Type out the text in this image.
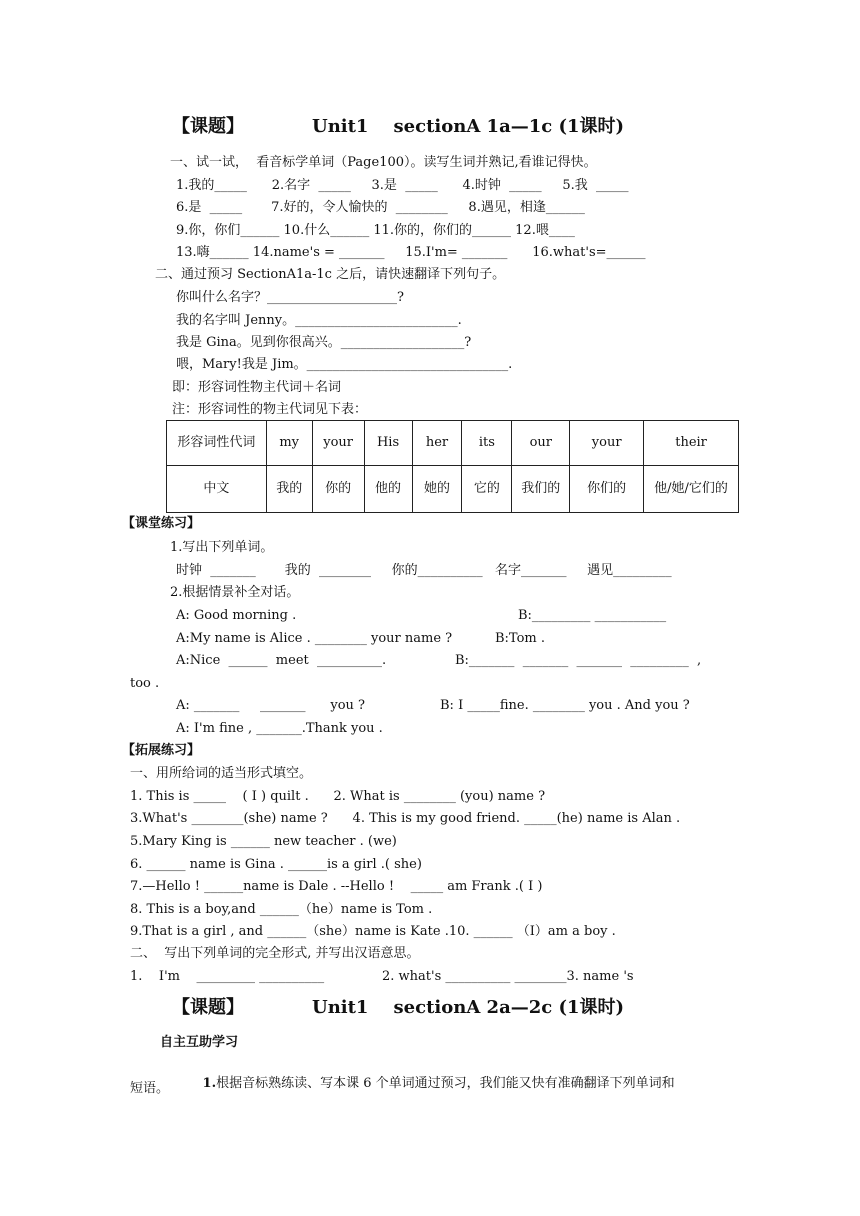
【课题】

	Unit1    sectionA 1a—1c (1课时)

一、试一试，  看音标学单词（Page100）。读写生词并熟记,看谁记得快。
1.我的_____      2.名字  _____     3.是  _____      4.时钟  _____     5.我  _____
6.是  _____       7.好的，令人愉快的  ________     8.遇见，相逢______
9.你，你们______ 10.什么______ 11.你的，你们的______ 12.喂____
13.嗨______ 14.name's = _______     15.I'm= _______      16.what's=______
二、通过预习 SectionA1a-1c 之后，请快速翻译下列句子。
你叫什么名字？____________________?
我的名字叫 Jenny。_________________________.
我是 Gina。见到你很高兴。___________________?
喂，Mary!我是 Jim。_______________________________.
即：形容词性物主代词＋名词
注：形容词性的物主代词见下表：
形容词性代词	my	your	His	her	its	our	your	their
中文	我的	你的	他的	她的	它的	我们的	你们的	他/她/它们的
【课堂练习】
1.写出下列单词。
时钟  _______       我的  ________     你的__________   名字_______     遇见_________
2.根据情景补全对话。
A: Good morning .	B:_________ ___________
A:My name is Alice . ________ your name ?	B:Tom .
A:Nice  ______  meet  __________.	B:_______  _______  _______  _________  ,
too .
A: _______     _______      you ?	B: I _____fine. ________ you . And you ?
A: I'm fine , _______.Thank you .
【拓展练习】
一、用所给词的适当形式填空。
1. This is _____    ( I ) quilt .      2. What is ________ (you) name ?
3.What's ________(she) name ?      4. This is my good friend. _____(he) name is Alan .
5.Mary King is ______ new teacher . (we)
6. ______ name is Gina . ______is a girl .( she)
7.—Hello ! ______name is Dale . --Hello !    _____ am Frank .( I )
8. This is a boy,and ______（he）name is Tom .
9.That is a girl , and ______（she）name is Kate .10. ______ （I）am a boy .
二、  写出下列单词的完全形式, 并写出汉语意思。
1.    I'm    _________ __________              2. what's __________ ________3. name 's

【课题】

	Unit1    sectionA 2a—2c (1课时)

自主互助学习

1.根据音标熟练读、写本课 6 个单词通过预习，我们能又快有准确翻译下列单词和

短语。
